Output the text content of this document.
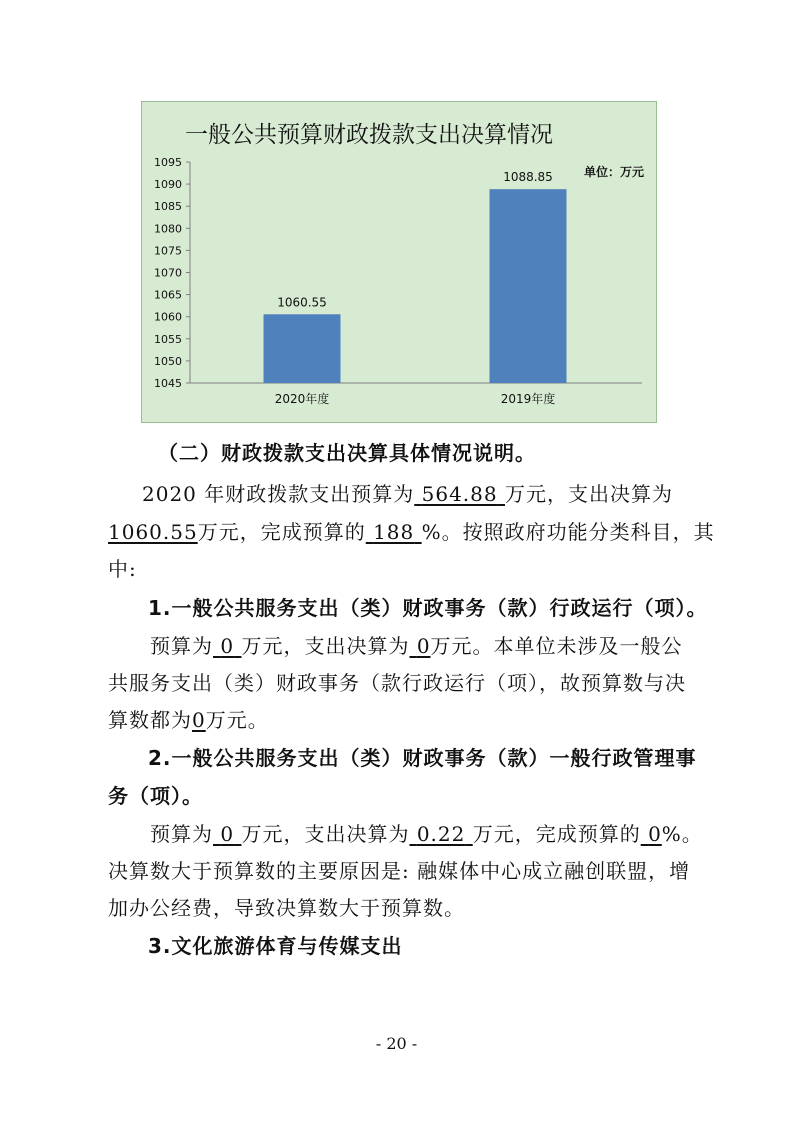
一般公共预算财政拨款支出决算情况
单位：万元
1045
1050
1055
1060
1065
1070
1075
1080
1085
1090
1095
1060.55
2020年度
1088.85
2019年度
（二）财政拨款支出决算具体情况说明。
2020 年财政拨款支出预算为 564.88 万元，支出决算为
1060.55万元，完成预算的 188 %。按照政府功能分类科目，其
中:
1.一般公共服务支出（类）财政事务（款）行政运行（项）。
预算为 0 万元，支出决算为 0万元。本单位未涉及一般公
共服务支出（类）财政事务（款行政运行（项），故预算数与决
算数都为0万元。
2.一般公共服务支出（类）财政事务（款）一般行政管理事
务（项）。
预算为 0 万元，支出决算为 0.22 万元，完成预算的 0%。
决算数大于预算数的主要原因是: 融媒体中心成立融创联盟，增
加办公经费，导致决算数大于预算数。
3.文化旅游体育与传媒支出
- 20 -
